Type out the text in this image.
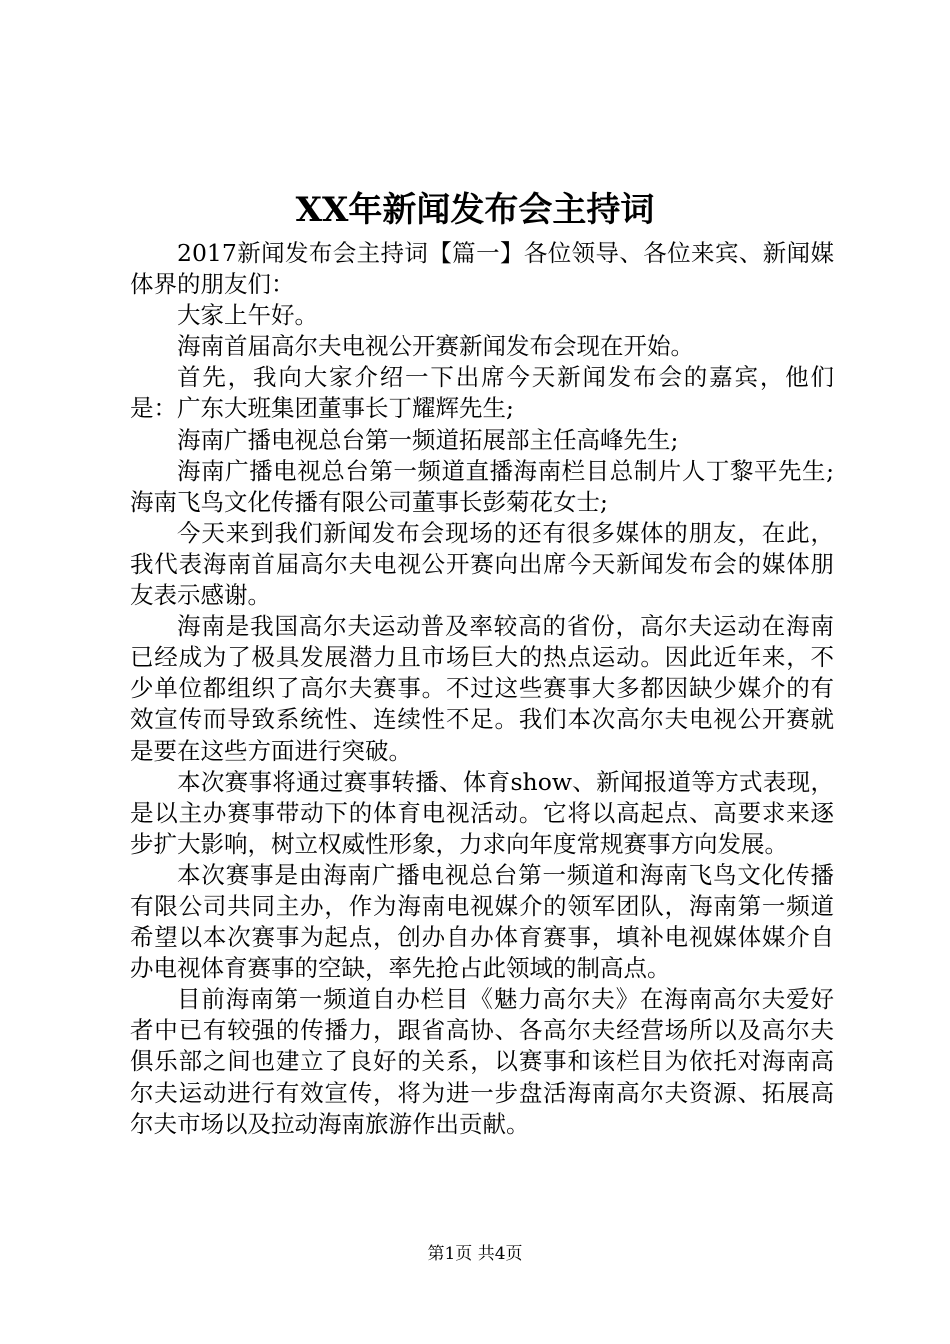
XX年新闻发布会主持词

2017新闻发布会主持词【篇一】各位领导、各位来宾、新闻媒体界的朋友们：

大家上午好。

海南首届高尔夫电视公开赛新闻发布会现在开始。

首先，我向大家介绍一下出席今天新闻发布会的嘉宾，他们是：广东大班集团董事长丁耀辉先生;

海南广播电视总台第一频道拓展部主任高峰先生;

海南广播电视总台第一频道直播海南栏目总制片人丁黎平先生;海南飞鸟文化传播有限公司董事长彭菊花女士;

今天来到我们新闻发布会现场的还有很多媒体的朋友，在此，我代表海南首届高尔夫电视公开赛向出席今天新闻发布会的媒体朋友表示感谢。

海南是我国高尔夫运动普及率较高的省份，高尔夫运动在海南已经成为了极具发展潜力且市场巨大的热点运动。因此近年来，不少单位都组织了高尔夫赛事。不过这些赛事大多都因缺少媒介的有效宣传而导致系统性、连续性不足。我们本次高尔夫电视公开赛就是要在这些方面进行突破。

本次赛事将通过赛事转播、体育show、新闻报道等方式表现，是以主办赛事带动下的体育电视活动。它将以高起点、高要求来逐步扩大影响，树立权威性形象，力求向年度常规赛事方向发展。

本次赛事是由海南广播电视总台第一频道和海南飞鸟文化传播有限公司共同主办，作为海南电视媒介的领军团队，海南第一频道希望以本次赛事为起点，创办自办体育赛事，填补电视媒体媒介自办电视体育赛事的空缺，率先抢占此领域的制高点。

目前海南第一频道自办栏目《魅力高尔夫》在海南高尔夫爱好者中已有较强的传播力，跟省高协、各高尔夫经营场所以及高尔夫俱乐部之间也建立了良好的关系，以赛事和该栏目为依托对海南高尔夫运动进行有效宣传，将为进一步盘活海南高尔夫资源、拓展高尔夫市场以及拉动海南旅游作出贡献。

第1页 共4页
